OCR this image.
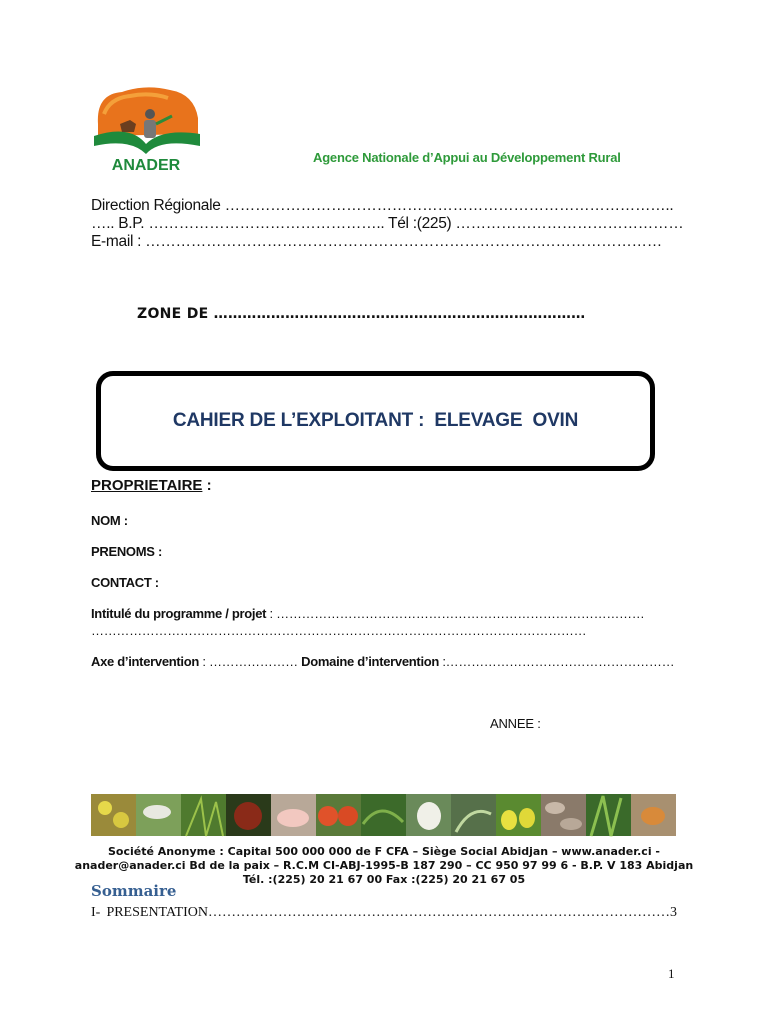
ANADER	Agence Nationale d’Appui au Développement Rural
Direction Régionale ……………………………………………………………………………..
….. B.P. ……………………………………….. Tél :(225) ………………………………………
E-mail : …………………………………………………………………………………………
ZONE DE ……………………………………………………………………
CAHIER DE L’EXPLOITANT :  ELEVAGE  OVIN
PROPRIETAIRE :
NOM :
PRENOMS :
CONTACT :
Intitulé du programme / projet : ……………………………………………………………………………
………………………………………………………………………………………………………
Axe d’intervention : ………………… Domaine d’intervention :………………………………………………
ANNEE :
Société Anonyme : Capital 500 000 000 de F CFA – Siège Social Abidjan – www.anader.ci -
anader@anader.ci Bd de la paix – R.C.M CI-ABJ-1995-B 187 290 – CC 950 97 99 6 - B.P. V 183 Abidjan
Tél. :(225) 20 21 67 00 Fax :(225) 20 21 67 05
Sommaire
I- PRESENTATION……………………………………………………………………………………… 3
1
